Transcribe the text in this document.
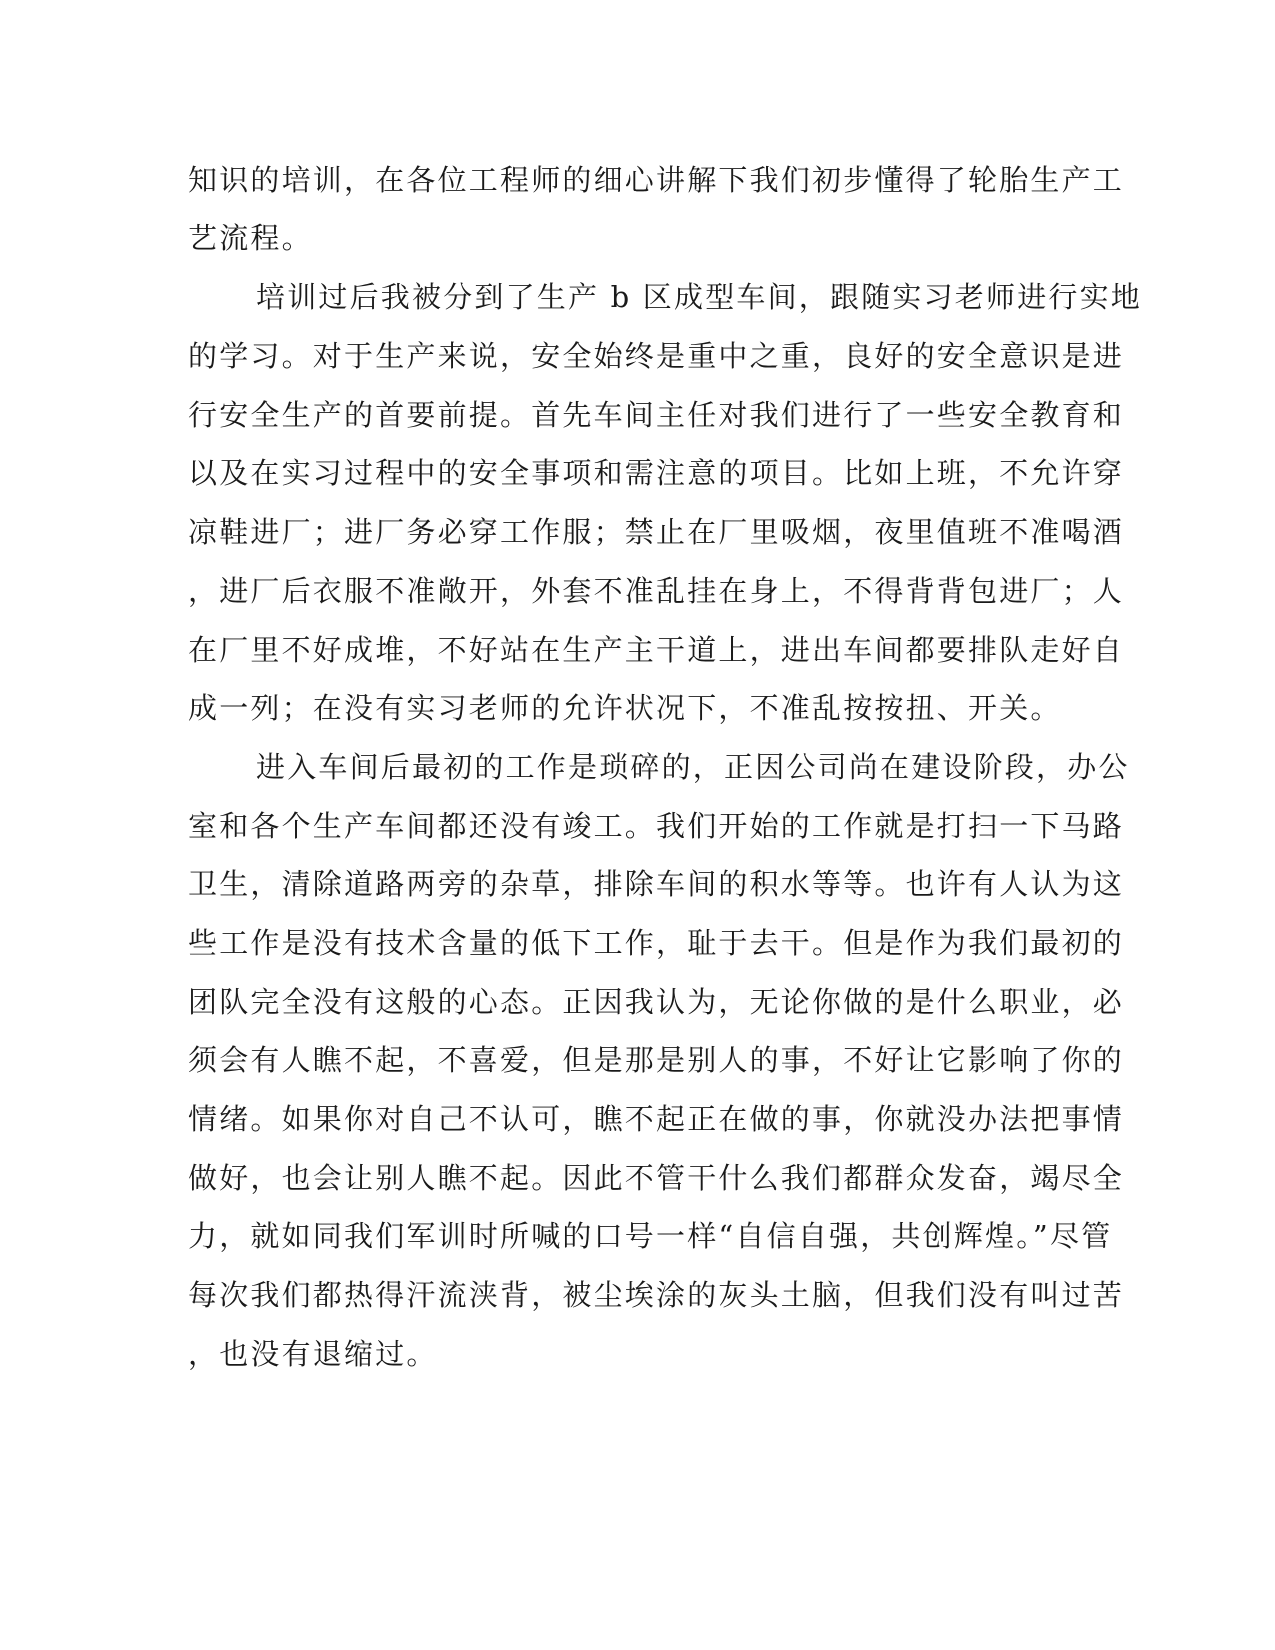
知识的培训，在各位工程师的细心讲解下我们初步懂得了轮胎生产工
艺流程。
培训过后我被分到了生产 b 区成型车间，跟随实习老师进行实地
的学习。对于生产来说，安全始终是重中之重，良好的安全意识是进
行安全生产的首要前提。首先车间主任对我们进行了一些安全教育和
以及在实习过程中的安全事项和需注意的项目。比如上班，不允许穿
凉鞋进厂；进厂务必穿工作服；禁止在厂里吸烟，夜里值班不准喝酒
，进厂后衣服不准敞开，外套不准乱挂在身上，不得背背包进厂；人
在厂里不好成堆，不好站在生产主干道上，进出车间都要排队走好自
成一列；在没有实习老师的允许状况下，不准乱按按扭、开关。
进入车间后最初的工作是琐碎的，正因公司尚在建设阶段，办公
室和各个生产车间都还没有竣工。我们开始的工作就是打扫一下马路
卫生，清除道路两旁的杂草，排除车间的积水等等。也许有人认为这
些工作是没有技术含量的低下工作，耻于去干。但是作为我们最初的
团队完全没有这般的心态。正因我认为，无论你做的是什么职业，必
须会有人瞧不起，不喜爱，但是那是别人的事，不好让它影响了你的
情绪。如果你对自己不认可，瞧不起正在做的事，你就没办法把事情
做好，也会让别人瞧不起。因此不管干什么我们都群众发奋，竭尽全
力，就如同我们军训时所喊的口号一样“自信自强，共创辉煌。”尽管
每次我们都热得汗流浃背，被尘埃涂的灰头土脑，但我们没有叫过苦
，也没有退缩过。
